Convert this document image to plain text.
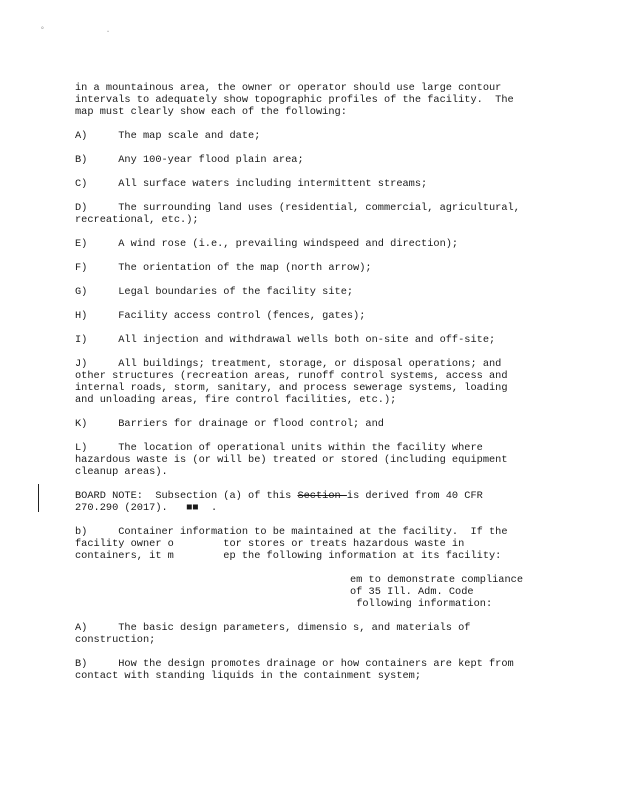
° .

in a mountainous area, the owner or operator should use large contour
intervals to adequately show topographic profiles of the facility.  The
map must clearly show each of the following:

A)     The map scale and date;

B)     Any 100-year flood plain area;

C)     All surface waters including intermittent streams;

D)     The surrounding land uses (residential, commercial, agricultural,
recreational, etc.);

E)     A wind rose (i.e., prevailing windspeed and direction);

F)     The orientation of the map (north arrow);

G)     Legal boundaries of the facility site;

H)     Facility access control (fences, gates);

I)     All injection and withdrawal wells both on-site and off-site;

J)     All buildings; treatment, storage, or disposal operations; and
other structures (recreation areas, runoff control systems, access and
internal roads, storm, sanitary, and process sewerage systems, loading
and unloading areas, fire control facilities, etc.);

K)     Barriers for drainage or flood control; and

L)     The location of operational units within the facility where
hazardous waste is (or will be) treated or stored (including equipment
cleanup areas).

BOARD NOTE:  Subsection (a) of this Section is derived from 40 CFR
270.290 (2017).   ■■  .

b)     Container information to be maintained at the facility.  If the
facility owner o        tor stores or treats hazardous waste in
containers, it m        ep the following information at its facility:

em to demonstrate compliance
of 35 Ill. Adm. Code
following information:

A)     The basic design parameters, dimensio s, and materials of
construction;

B)     How the design promotes drainage or how containers are kept from
contact with standing liquids in the containment system;
